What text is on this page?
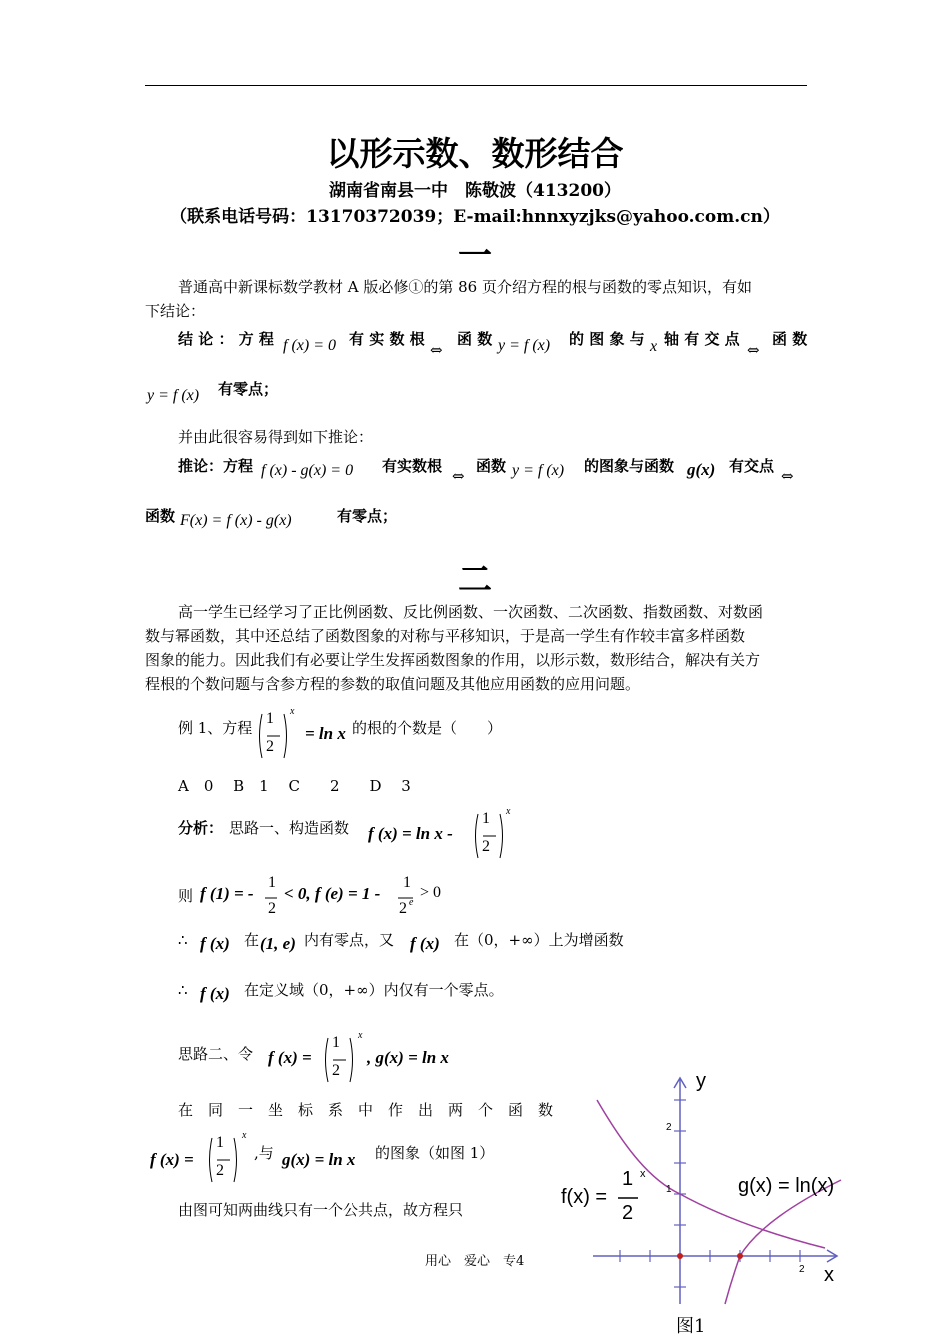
以形示数、数形结合
湖南省南县一中　陈敬波（413200）
（联系电话号码：13170372039；E-mail:hnnxyzjks@yahoo.com.cn）
一
普通高中新课标数学教材 A 版必修①的第 86 页介绍方程的根与函数的零点知识，有如
下结论：
结 论 ： 方 程 f (x) = 0 有 实 数 根
⇔
函 数 y = f (x) 的 图 象 与 x 轴 有 交 点
⇔
函 数
y = f (x) 有零点；
并由此很容易得到如下推论：
推论：方程 f (x) - g(x) = 0 有实数根
⇔
函数 y = f (x) 的图象与函数 g(x) 有交点
⇔
函数 F(x) = f (x) - g(x)	有零点；
二
高一学生已经学习了正比例函数、反比例函数、一次函数、二次函数、指数函数、对数函
数与幂函数，其中还总结了函数图象的对称与平移知识，于是高一学生有作较丰富多样函数
图象的能力。因此我们有必要让学生发挥函数图象的作用，以形示数，数形结合，解决有关方
程根的个数问题与含参方程的参数的取值问题及其他应用函数的应用问题。
例 1、方程
1
2
x
= ln x 的根的个数是（　　）
A　0　 B　1　 C　　2　　D　 3
分析： 思路一、构造函数 f (x) = ln x -
1
2
x
则 f (1) = -
1
2
< 0, f (e) = 1 -
1
2 e
> 0
∴ f (x) 在 (1, e) 内有零点，又 f (x) 在（0，+∞）上为增函数
∴ f (x) 在定义域（0，+∞）内仅有一个零点。
思路二、令 f (x) =
1
2
x
, g(x) = ln x
在　同　一　坐　标　系　中　作　出　两　个　函　数
f (x) =
1
2
x
,与 g(x) = ln x 的图象（如图 1）
由图可知两曲线只有一个公共点，故方程只
y
x
2
1
2
f(x) =
1
2
x
g(x) = ln(x)
图1
用心　爱心　专4
